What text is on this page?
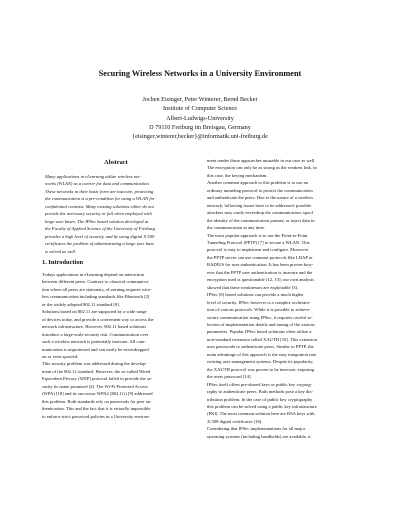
Securing Wireless Networks in a University Environment
Jochen Eisinger, Peter Winterer, Bernd Becker
Institute of Computer Science
Albert-Ludwigs-University
D 79110 Freiburg im Breisgau, Germany
{eisinger,winterer,becker}@informatik.uni-freiburg.de
Abstract
Many applications in eLearning utilize wireless net-
works (WLAN) as a carrier for data and communication.
These networks in their basic form are insecure, protecting
the communication is a pre-condition for using a WLAN for
confidential contents. Many existing solutions either do not
provide the necessary security or fail when employed with
large user bases. The IPSec based solution developed at
the Faculty of Applied Science of the University of Freiburg
provides a high level of security, and by using digital X.509
certificates the problem of administrating a large user base
is solved as well.
1. Introduction
Todays applications in eLearning depend on interaction
between different peers. Contrary to classical communica-
tion where all peers are stationary, eLearning requires wire-
less communication including standards like Bluetooth [2]
or the widely adopted 802.11 standard [8].
Solutions based on 802.11 are supported by a wide range
of devices today, and provide a convenient way to access the
network infrastructure. However, 802.11 based solutions
introduce a large-scale security risk. Communication over
such a wireless network is potentially insecure. All com-
munication is unprotected and can easily be eavesdropped
on or even spoofed.
This security problem was addressed during the develop-
ment of the 802.11 standard. However, the so-called Wired
Equivalent Privacy (WEP) protocol failed to provide the se-
curity its name promised [4]. The Wi-Fi Protected Access
(WPA) [18] and its successor WPA2 (802.11i) [9] addressed
this problem. Both standards rely on passwords for peer au-
thentication. This and the fact that it is virtually impossible
to enforce strict password policies in a University environ-
ment render those approaches unusable in our case as well.
The encryption can only be as strong as the weakest link, in
this case, the keying mechanism.
Another common approach to this problem is to use an
ordinary tunneling protocol to protect the communication
and authenticate the peers. Due to the nature of a wireless
network, following issues have to be addressed: possible
attackers may easily eavesdrop the communication; spoof
the identity of the communication partner; or inject data in
the communication at any time.
The most popular approach is to use the Point-to-Point
Tunneling Protocol (PPTP) [7] to secure a WLAN. This
protocol is easy to implement and configure. Moreover
the PPTP server can use common protocols like LDAP or
RADIUS for user authentication. It has been proven how-
ever that the PPTP user authentication is insecure and the
encryption used is questionable [12, 13]; our own analysis
showed that these weaknesses are exploitable [3].
IPSec [6] based solutions can provide a much higher
level of security. IPSec however is a complex orchestra-
tion of various protocols. While it is possible to achieve
secure communication using IPSec, it requires careful se-
lection of implementation details and tuning of the various
parameters. Popular IPSec based solutions often utilize a
non-standard extension called XAUTH [10]. This extension
uses passwords to authenticate peers. Similar to PPTP, the
main advantage of this approach is the easy integration into
existing user management systems. Despite its popularity,
the XAUTH protocol was proven to be insecure, exposing
the users password [14].
IPSec itself offers pre-shared keys or public key cryptog-
raphy to authenticate peers. Both methods pose a key dis-
tribution problem. In the case of public key cryptography
this problem can be solved using a public key infrastructure
(PKI). The most common solution here are RSA keys with
X.509 digital certificates [16].
Considering that IPSec implementations for all major
operating systems (including handhelds) are available, it
